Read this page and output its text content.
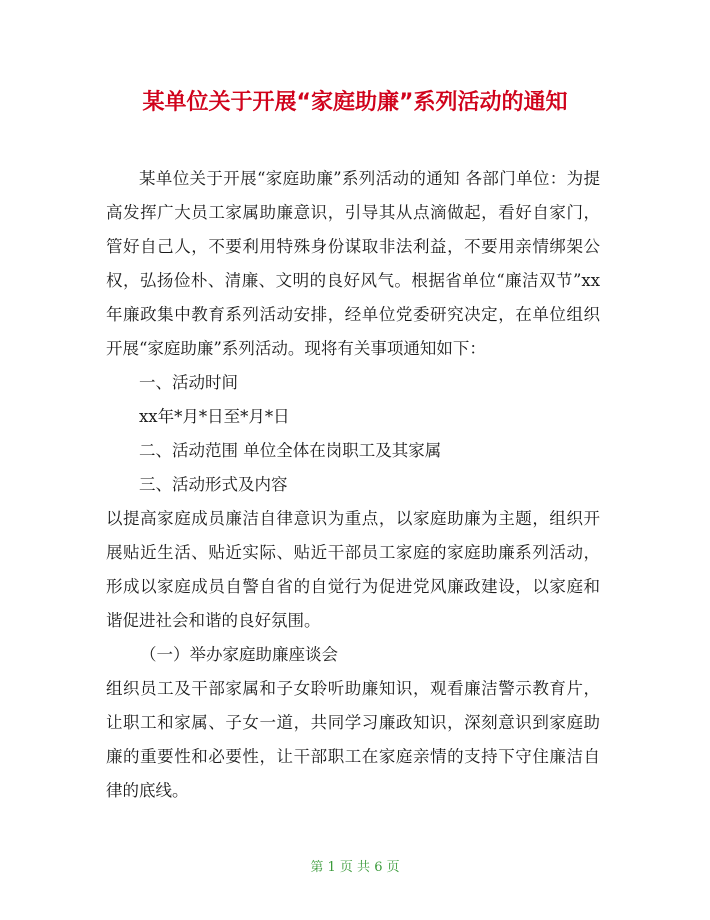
某单位关于开展“家庭助廉”系列活动的通知

某单位关于开展“家庭助廉”系列活动的通知 各部门单位：为提高发挥广大员工家属助廉意识，引导其从点滴做起，看好自家门，管好自己人，不要利用特殊身份谋取非法利益，不要用亲情绑架公权，弘扬俭朴、清廉、文明的良好风气。根据省单位“廉洁双节”xx年廉政集中教育系列活动安排，经单位党委研究决定，在单位组织开展“家庭助廉”系列活动。现将有关事项通知如下：

一、活动时间

xx年*月*日至*月*日

二、活动范围 单位全体在岗职工及其家属

三、活动形式及内容

以提高家庭成员廉洁自律意识为重点，以家庭助廉为主题，组织开展贴近生活、贴近实际、贴近干部员工家庭的家庭助廉系列活动，形成以家庭成员自警自省的自觉行为促进党风廉政建设，以家庭和谐促进社会和谐的良好氛围。

（一）举办家庭助廉座谈会

组织员工及干部家属和子女聆听助廉知识，观看廉洁警示教育片，让职工和家属、子女一道，共同学习廉政知识，深刻意识到家庭助廉的重要性和必要性，让干部职工在家庭亲情的支持下守住廉洁自律的底线。

第 1 页 共 6 页
